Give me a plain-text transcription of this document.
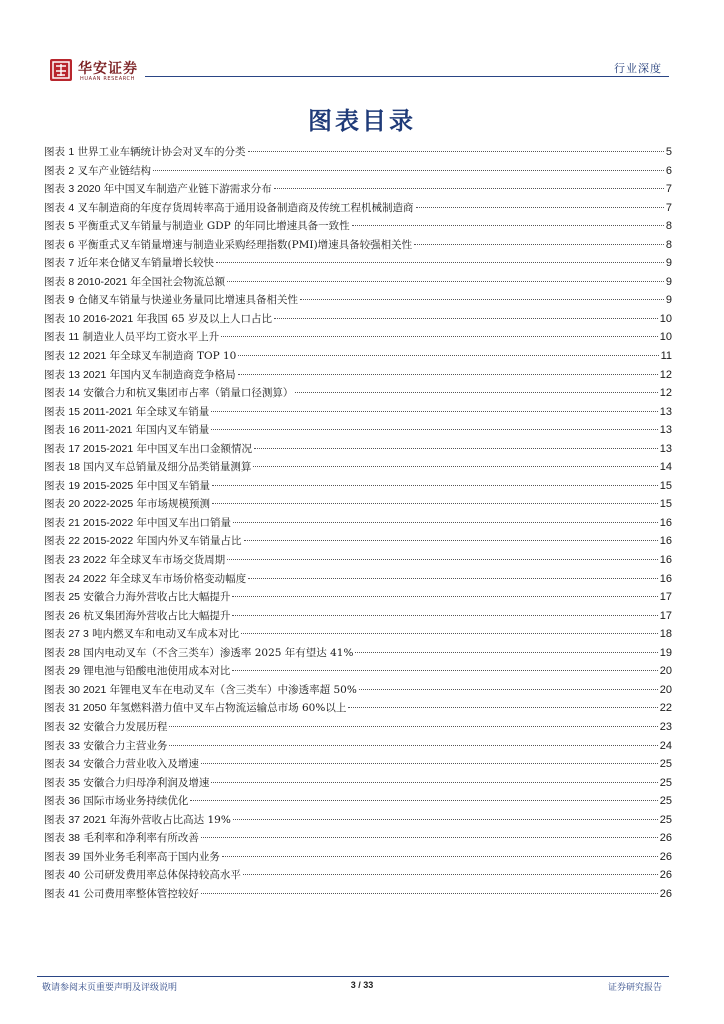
华安证券
HUAAN RESEARCH
行业深度
图表目录
图表 1 世界工业车辆统计协会对叉车的分类	5
图表 2 叉车产业链结构	6
图表 3 2020 年中国叉车制造产业链下游需求分布	7
图表 4 叉车制造商的年度存货周转率高于通用设备制造商及传统工程机械制造商	7
图表 5 平衡重式叉车销量与制造业 GDP 的年同比增速具备一致性	8
图表 6 平衡重式叉车销量增速与制造业采购经理指数(PMI)增速具备较强相关性	8
图表 7 近年来仓储叉车销量增长较快	9
图表 8 2010-2021 年全国社会物流总额	9
图表 9 仓储叉车销量与快递业务量同比增速具备相关性	9
图表 10 2016-2021 年我国 65 岁及以上人口占比	10
图表 11 制造业人员平均工资水平上升	10
图表 12 2021 年全球叉车制造商 TOP 10	11
图表 13 2021 年国内叉车制造商竞争格局	12
图表 14 安徽合力和杭叉集团市占率（销量口径测算）	12
图表 15 2011-2021 年全球叉车销量	13
图表 16 2011-2021 年国内叉车销量	13
图表 17 2015-2021 年中国叉车出口金额情况	13
图表 18 国内叉车总销量及细分品类销量测算	14
图表 19 2015-2025 年中国叉车销量	15
图表 20 2022-2025 年市场规模预测	15
图表 21 2015-2022 年中国叉车出口销量	16
图表 22 2015-2022 年国内外叉车销量占比	16
图表 23 2022 年全球叉车市场交货周期	16
图表 24 2022 年全球叉车市场价格变动幅度	16
图表 25 安徽合力海外营收占比大幅提升	17
图表 26 杭叉集团海外营收占比大幅提升	17
图表 27 3 吨内燃叉车和电动叉车成本对比	18
图表 28 国内电动叉车（不含三类车）渗透率 2025 年有望达 41%	19
图表 29 锂电池与铅酸电池使用成本对比	20
图表 30 2021 年锂电叉车在电动叉车（含三类车）中渗透率超 50%	20
图表 31 2050 年氢燃料潜力值中叉车占物流运输总市场 60%以上	22
图表 32 安徽合力发展历程	23
图表 33 安徽合力主营业务	24
图表 34 安徽合力营业收入及增速	25
图表 35 安徽合力归母净利润及增速	25
图表 36 国际市场业务持续优化	25
图表 37 2021 年海外营收占比高达 19%	25
图表 38 毛利率和净利率有所改善	26
图表 39 国外业务毛利率高于国内业务	26
图表 40 公司研发费用率总体保持较高水平	26
图表 41 公司费用率整体管控较好	26
敬请参阅末页重要声明及评级说明	3 / 33	证券研究报告
